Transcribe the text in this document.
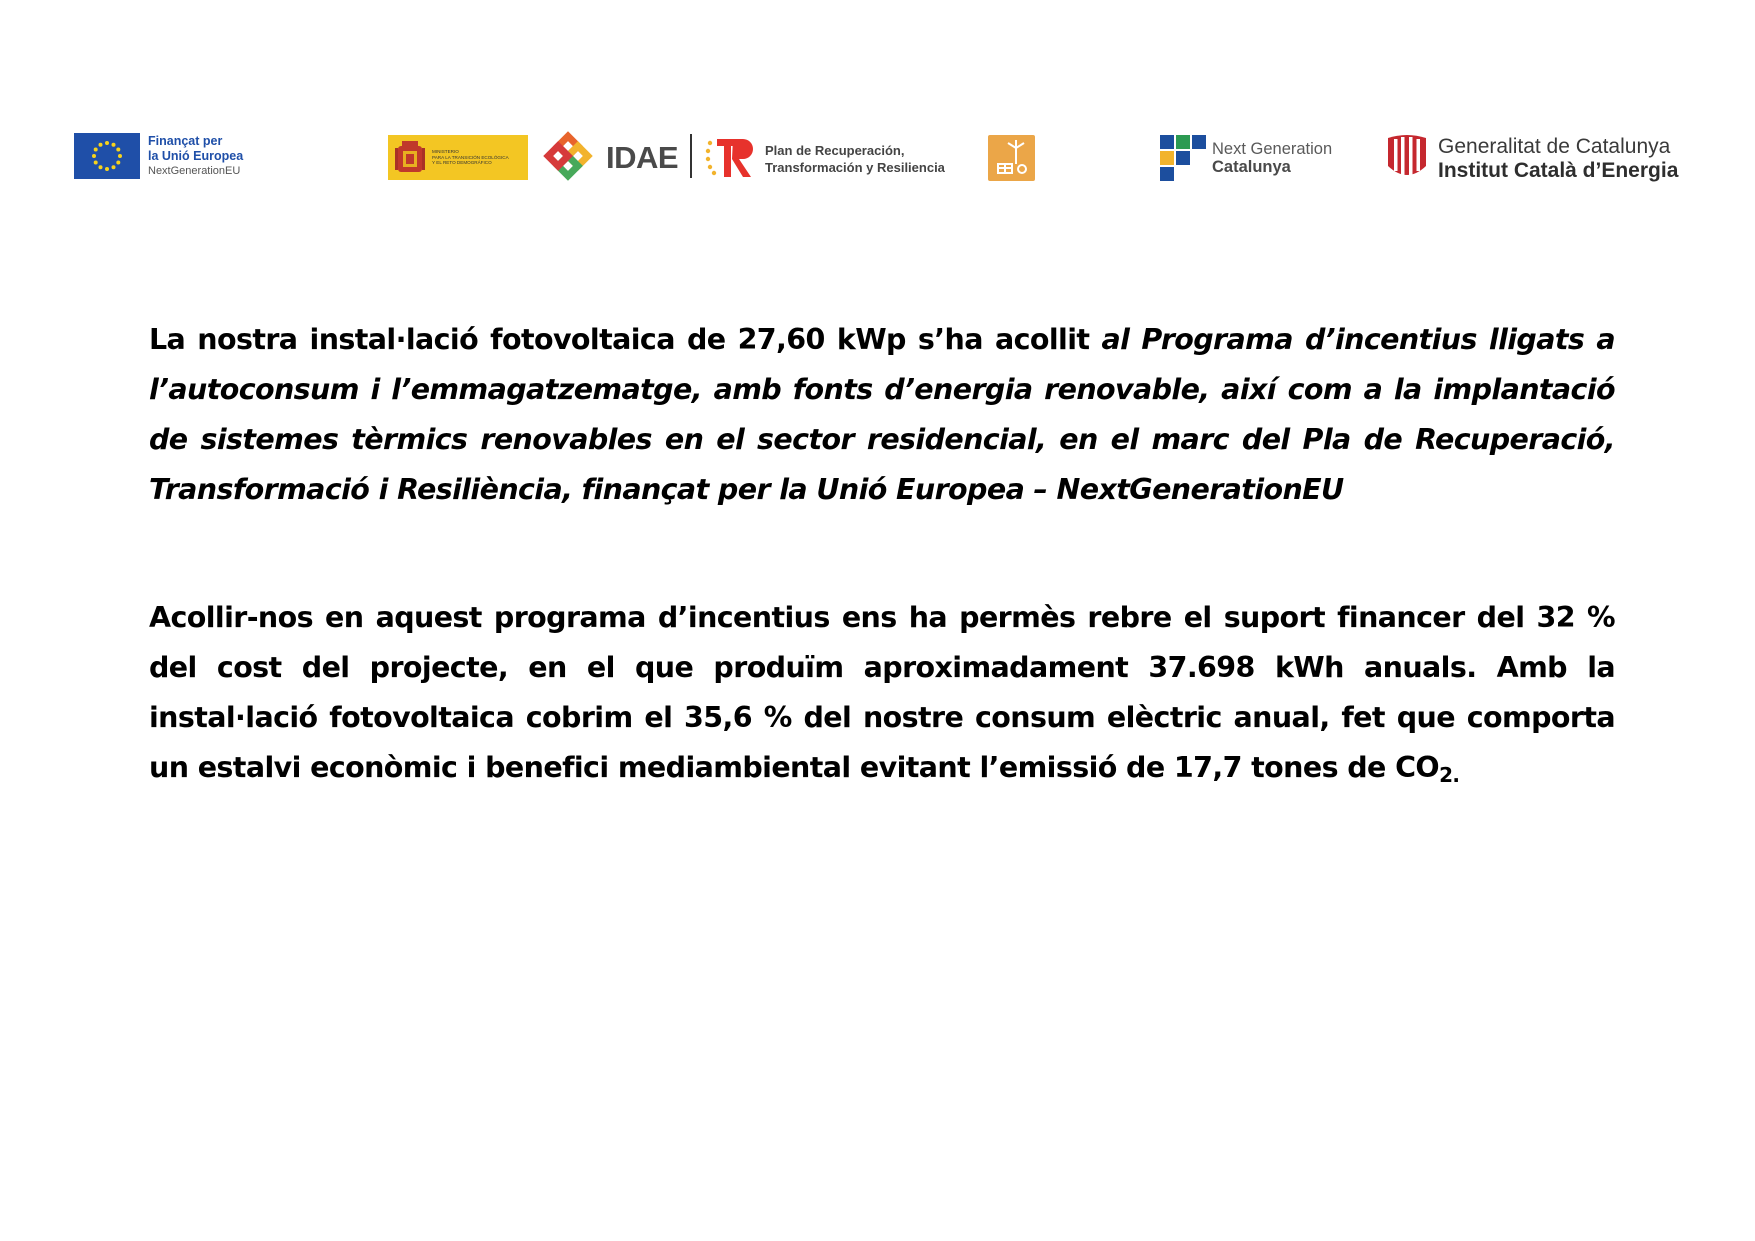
Finançat per
la Unió Europea
NextGenerationEU
MINISTERIO
PARA LA TRANSICIÓN ECOLÓGICA
Y EL RETO DEMOGRÁFICO	IDAE	Plan de Recuperación,
Transformación y Resiliencia
Next Generation
Catalunya
Generalitat de Catalunya
Institut Català d’Energia

La nostra instal·lació fotovoltaica de 27,60 kWp s’ha acollit al Programa d’incentius lligats a l’autoconsum i l’emmagatzematge, amb fonts d’energia renovable, així com a la implantació de sistemes tèrmics renovables en el sector residencial, en el marc del Pla de Recuperació, Transformació i Resiliència, finançat per la Unió Europea – NextGenerationEU

Acollir-nos en aquest programa d’incentius ens ha permès rebre el suport financer del 32 % del cost del projecte, en el que produïm aproximadament 37.698 kWh anuals. Amb la instal·lació fotovoltaica cobrim el 35,6 % del nostre consum elèctric anual, fet que comporta un estalvi econòmic i benefici mediambiental evitant l’emissió de 17,7 tones de $CO_{2.}$
